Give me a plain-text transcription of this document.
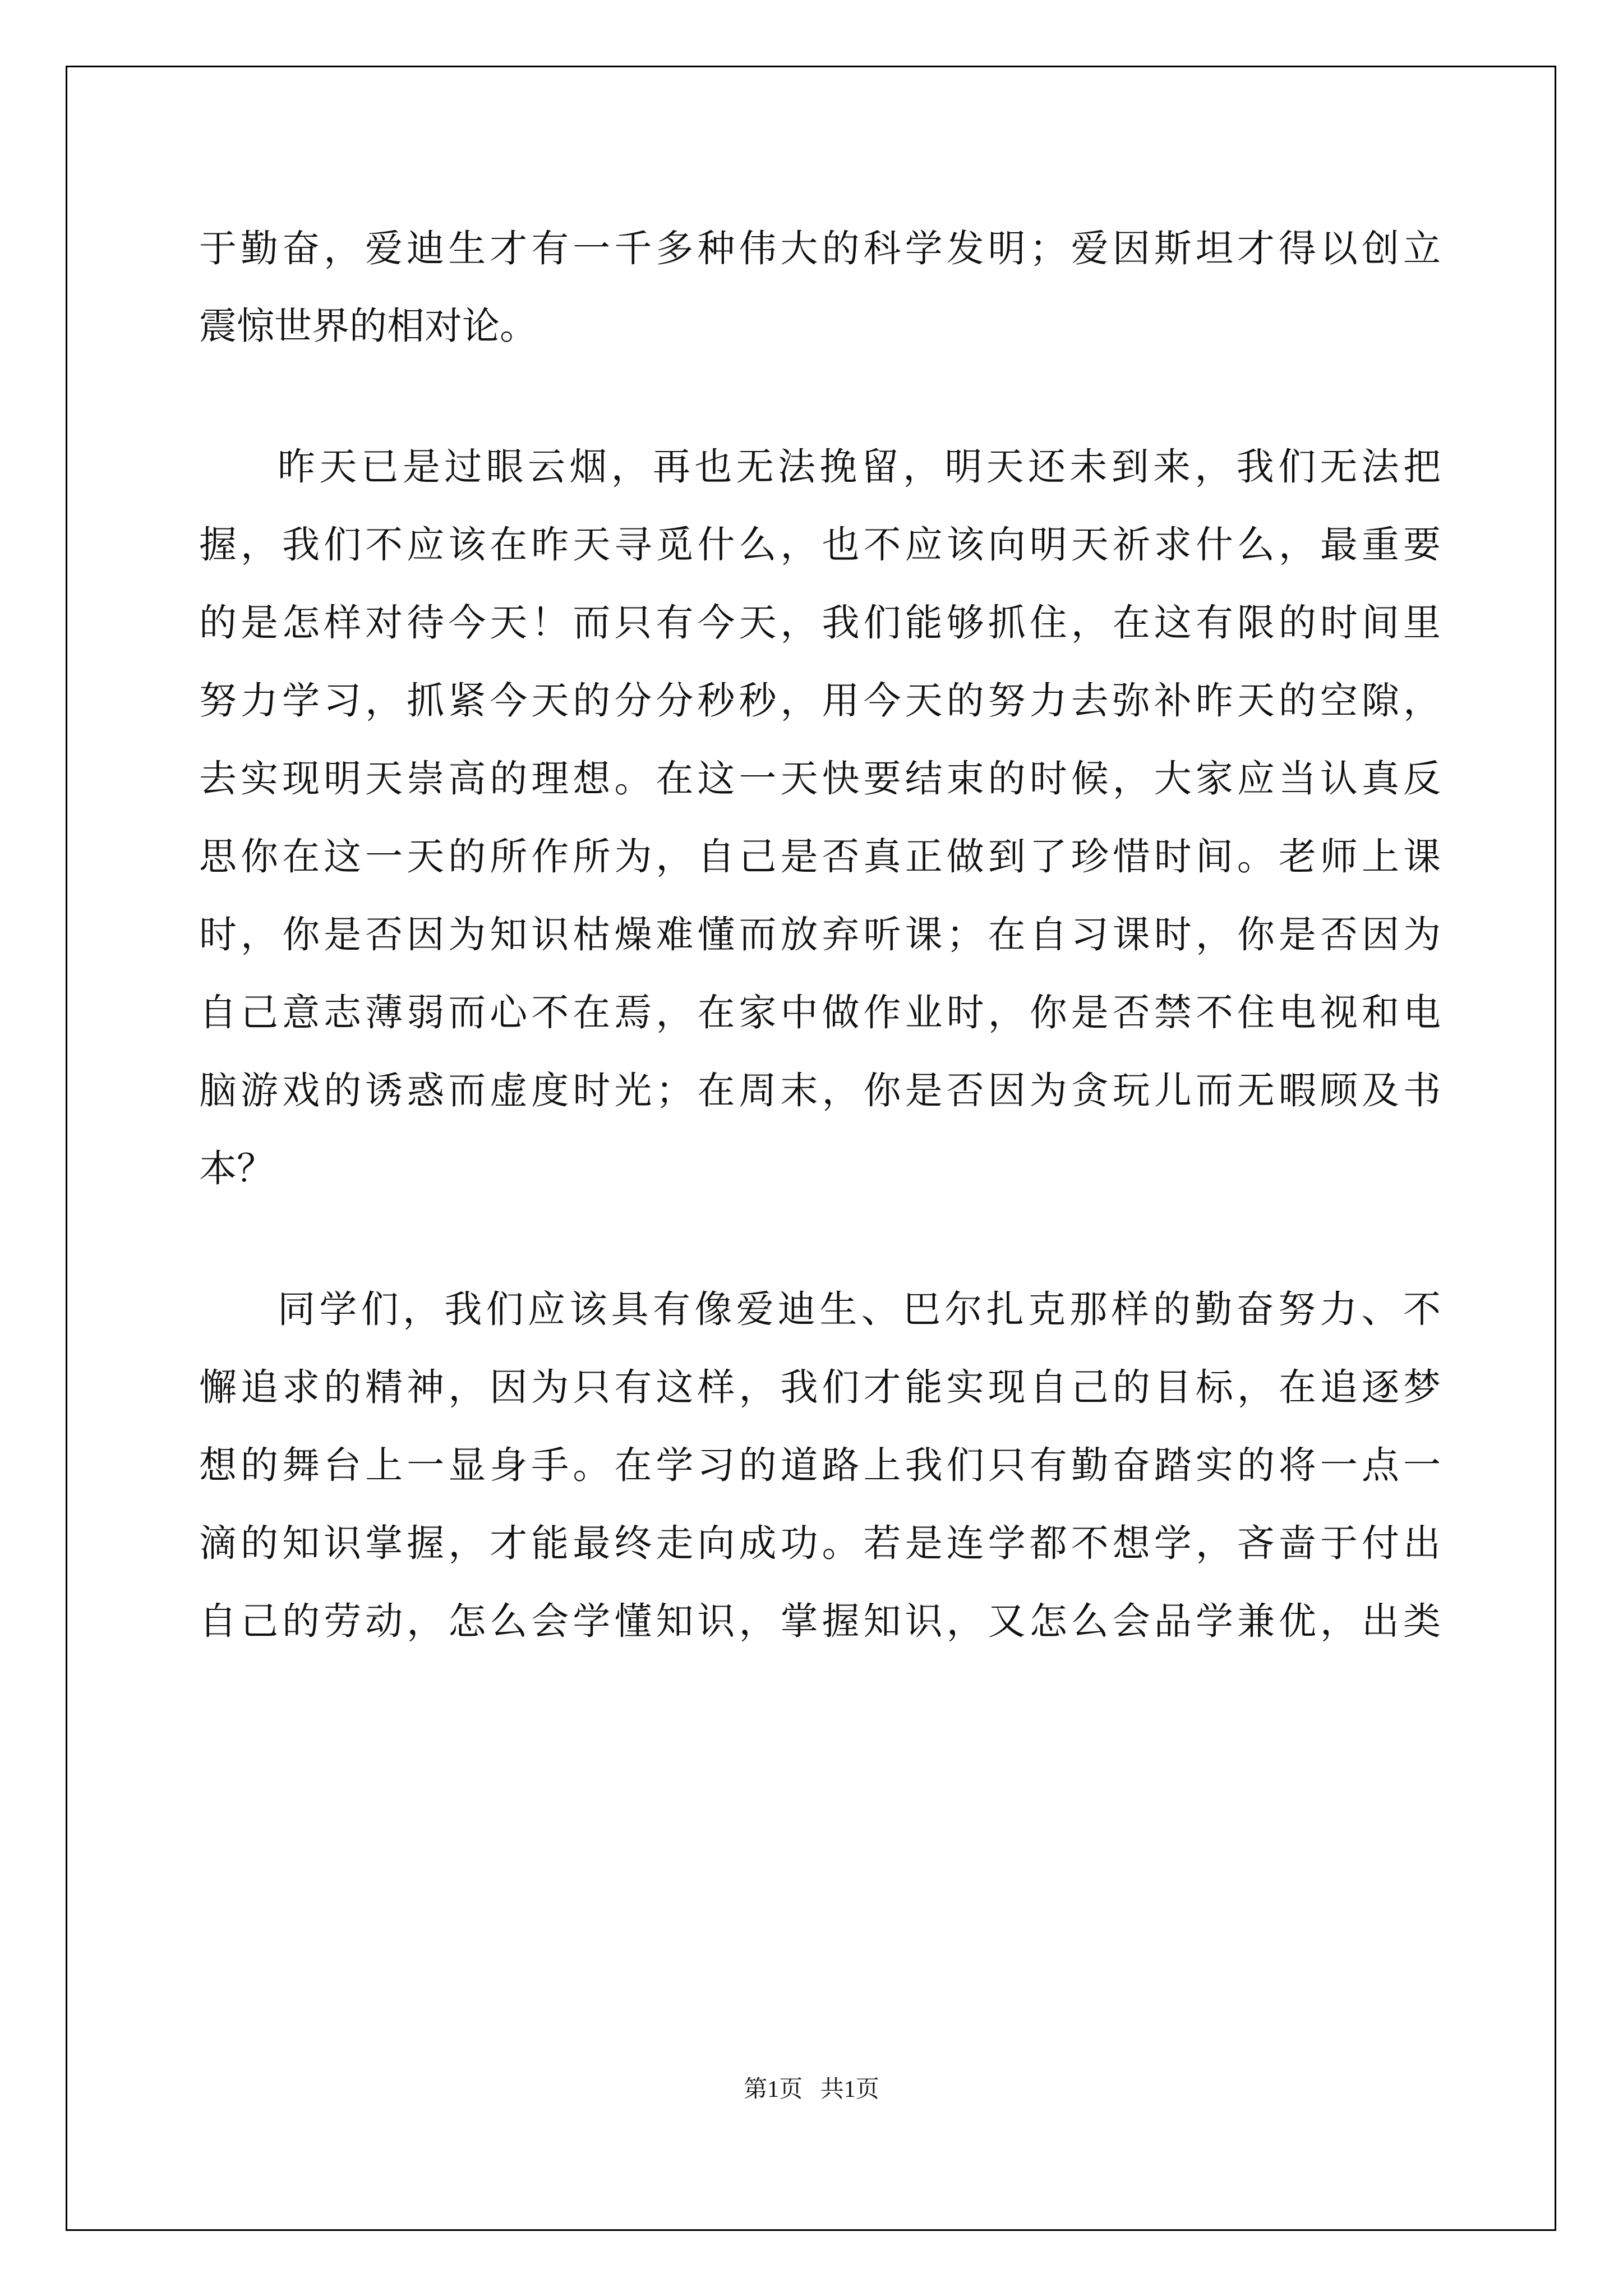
于勤奋，爱迪生才有一千多种伟大的科学发明；爱因斯坦才得以创立
震惊世界的相对论。
昨天已是过眼云烟，再也无法挽留，明天还未到来，我们无法把
握，我们不应该在昨天寻觅什么，也不应该向明天祈求什么，最重要
的是怎样对待今天！而只有今天，我们能够抓住，在这有限的时间里
努力学习，抓紧今天的分分秒秒，用今天的努力去弥补昨天的空隙，
去实现明天崇高的理想。在这一天快要结束的时候，大家应当认真反
思你在这一天的所作所为，自己是否真正做到了珍惜时间。老师上课
时，你是否因为知识枯燥难懂而放弃听课；在自习课时，你是否因为
自己意志薄弱而心不在焉，在家中做作业时，你是否禁不住电视和电
脑游戏的诱惑而虚度时光；在周末，你是否因为贪玩儿而无暇顾及书
本？
同学们，我们应该具有像爱迪生、巴尔扎克那样的勤奋努力、不
懈追求的精神，因为只有这样，我们才能实现自己的目标，在追逐梦
想的舞台上一显身手。在学习的道路上我们只有勤奋踏实的将一点一
滴的知识掌握，才能最终走向成功。若是连学都不想学，吝啬于付出
自己的劳动，怎么会学懂知识，掌握知识，又怎么会品学兼优，出类
第1页   共1页
